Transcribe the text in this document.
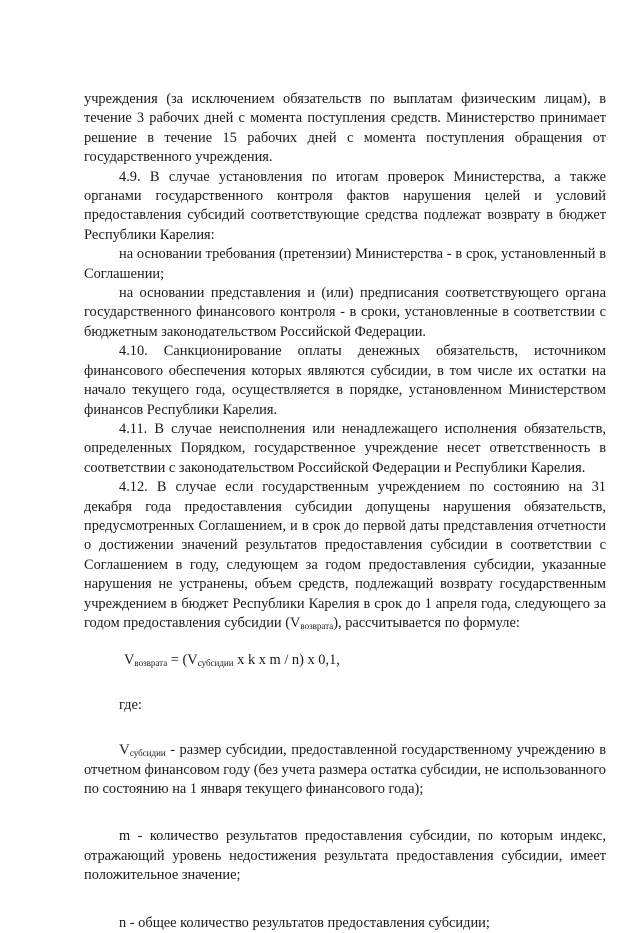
учреждения (за исключением обязательств по выплатам физическим лицам), в течение 3 рабочих дней с момента поступления средств. Министерство принимает решение в течение 15 рабочих дней с момента поступления обращения от государственного учреждения.

4.9. В случае установления по итогам проверок Министерства, а также органами государственного контроля фактов нарушения целей и условий предоставления субсидий соответствующие средства подлежат возврату в бюджет Республики Карелия:

на основании требования (претензии) Министерства - в срок, установленный в Соглашении;

на основании представления и (или) предписания соответствующего органа государственного финансового контроля - в сроки, установленные в соответствии с бюджетным законодательством Российской Федерации.

4.10. Санкционирование оплаты денежных обязательств, источником финансового обеспечения которых являются субсидии, в том числе их остатки на начало текущего года, осуществляется в порядке, установленном Министерством финансов Республики Карелия.

4.11. В случае неисполнения или ненадлежащего исполнения обязательств, определенных Порядком, государственное учреждение несет ответственность в соответствии с законодательством Российской Федерации и Республики Карелия.

4.12. В случае если государственным учреждением по состоянию на 31 декабря года предоставления субсидии допущены нарушения обязательств, предусмотренных Соглашением, и в срок до первой даты представления отчетности о достижении значений результатов предоставления субсидии в соответствии с Соглашением в году, следующем за годом предоставления субсидии, указанные нарушения не устранены, объем средств, подлежащий возврату государственным учреждением в бюджет Республики Карелия в срок до 1 апреля года, следующего за годом предоставления субсидии $(V_{возврата})$, рассчитывается по формуле:

$V_{возврата} = (V_{субсидии}$ x k x m / n) x 0,1,

где:

$V_{субсидии}$ - размер субсидии, предоставленной государственному учреждению в отчетном финансовом году (без учета размера остатка субсидии, не использованного по состоянию на 1 января текущего финансового года);

m - количество результатов предоставления субсидии, по которым индекс, отражающий уровень недостижения результата предоставления субсидии, имеет положительное значение;

n - общее количество результатов предоставления субсидии;
